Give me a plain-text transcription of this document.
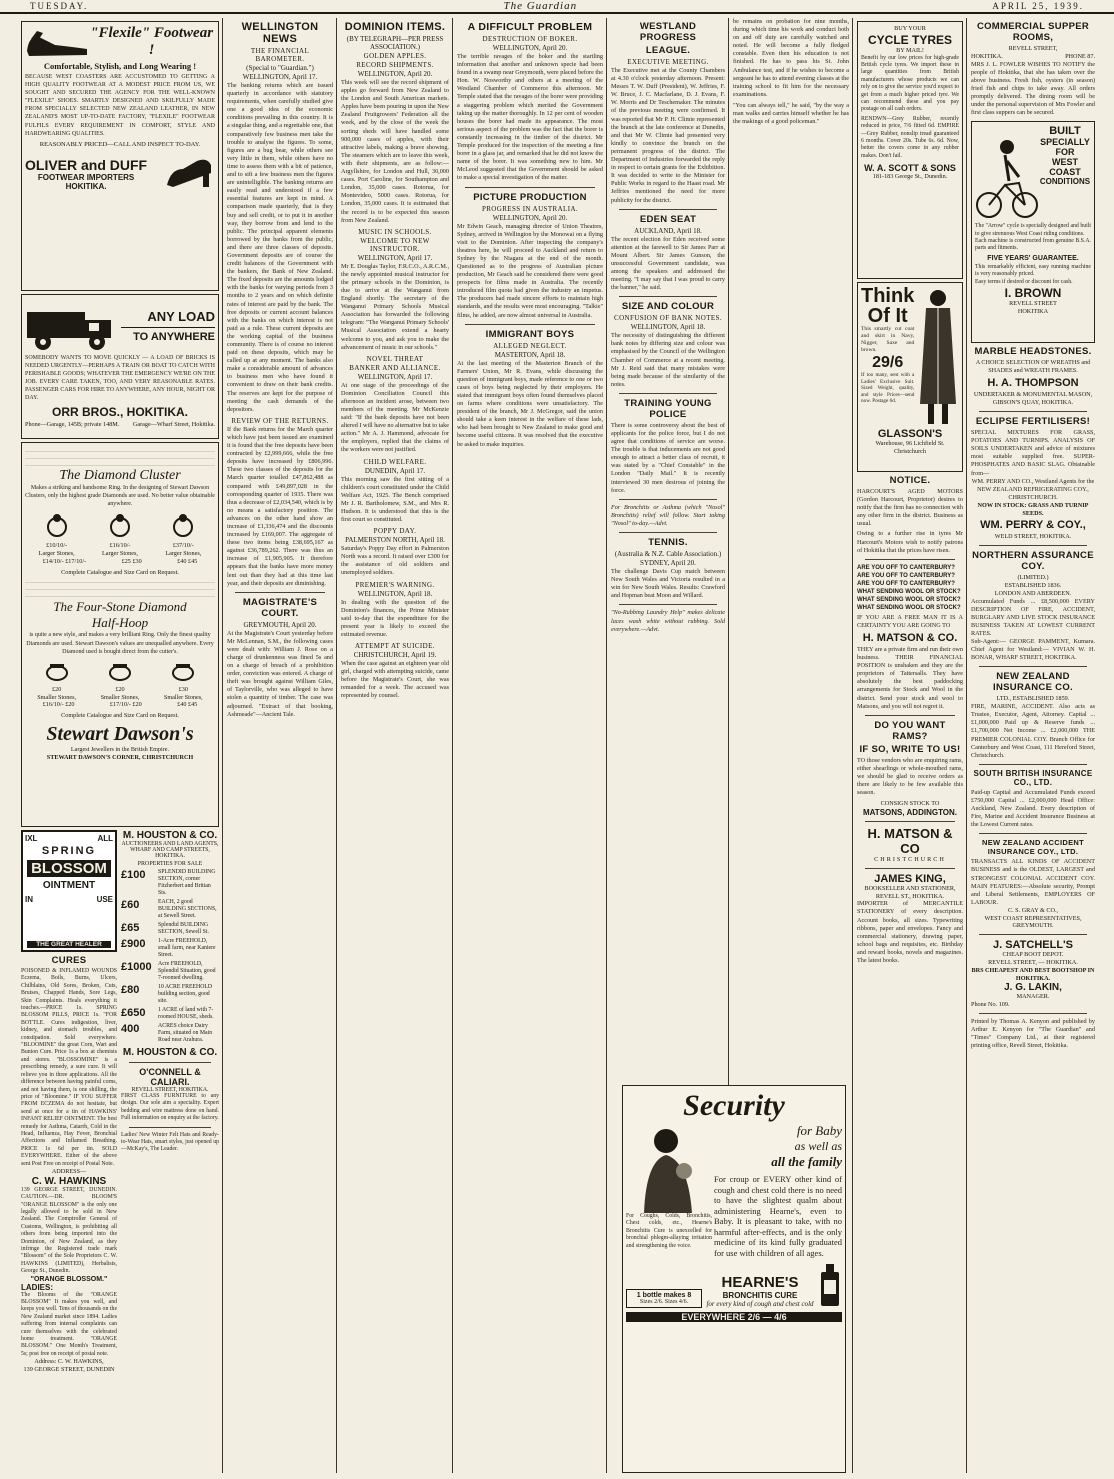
TUESDAY.	The Guardian	APRIL 25, 1939.
"Flexile" Footwear !
Comfortable, Stylish, and Long Wearing !

BECAUSE WEST COASTERS ARE ACCUSTOMED TO GETTING A HIGH QUALITY FOOTWEAR AT A MODEST PRICE FROM US, WE SOUGHT AND SECURED THE AGENCY FOR THE WELL-KNOWN "FLEXILE" SHOES. SMARTLY DESIGNED AND SKILFULLY MADE FROM SPECIALLY SELECTED NEW ZEALAND LEATHER, IN NEW ZEALAND'S MOST UP-TO-DATE FACTORY, "FLEXILE" FOOTWEAR FULFILS EVERY REQUIREMENT IN COMFORT, STYLE AND HARDWEARING QUALITIES.

REASONABLY PRICED—CALL AND INSPECT TO-DAY.
OLIVER and DUFF
FOOTWEAR IMPORTERS
HOKITIKA.
ANY LOAD
TO ANYWHERE

SOMEBODY WANTS TO MOVE QUICKLY — A LOAD OF BRICKS IS NEEDED URGENTLY—PERHAPS A TRAIN OR BOAT TO CATCH WITH PERISHABLE GOODS; WHATEVER THE EMERGENCY WE'RE ON THE JOB. EVERY CARE TAKEN, TOO, AND VERY REASONABLE RATES. PASSENGER CARS FOR HIRE TO ANYWHERE, ANY HOUR, NIGHT OR DAY.

ORR BROS., HOKITIKA.
Phone—Garage, 145B; private 148M. Garage—Wharf Street, Hokitika.
The Diamond Cluster

Makes a striking and handsome Ring. In the designing of Stewart Dawson Clusters, only the highest grade Diamonds are used. No better value obtainable anywhere.

£10/10/-	£16/10/-	£37/10/-
Larger Stones,	Larger Stones,	Larger Stones,
£14/10/- £17/10/-	£25 £30	£40 £45
Complete Catalogue and Size Card on Request.
The Four-Stone Diamond
Half-Hoop

is quite a new style, and makes a very brilliant Ring. Only the finest quality Diamonds are used. Stewart Dawson's values are unequalled anywhere. Every Diamond used is bought direct from the cutter's.

£20	£20	£30
Smaller Stones,	Smaller Stones,	Smaller Stones,
£16/10/- £20	£17/10/- £20	£40 £45
Complete Catalogue and Size Card on Request.
Stewart Dawson's
Largest Jewellers in the British Empire.
STEWART DAWSON'S CORNER, CHRISTCHURCH
IXL	ALL
SPRING
BLOSSOM
OINTMENT
IN	USE
THE GREAT HEALER
CURES

POISONED & INFLAMED WOUNDS Eczema, Boils, Burns, Ulcers, Chilblains, Old Sores, Broken, Cuts, Bruises, Chapped Hands, Sore Legs, Skin Complaints. Heals everything it touches.—PRICE 1s. SPRING BLOSSOM PILLS, PRICE 1s. "FOR BOTTLE. Cures indigestion, liver, kidney, and stomach troubles, and constipation. Sold everywhere. "BLOOMINE" the great Corn, Wart and Bunion Cure. Price 1s a box at chemists and stores. "BLOSSOMINE" is a prescribing remedy, a sure cure. It will relieve you in three applications. All the difference between having painful corns, and not having them, is one shilling, the price of "Bloomine." IF YOU SUFFER FROM ECZEMA do not hesitate, but send at once for a tin of HAWKINS' INFANT RELIEF OINTMENT. The best remedy for Asthma, Catarrh, Cold in the Head, Influenza, Hay Fever, Bronchial Affections and Inflamed Breathing. PRICE 1s 6d per tin. SOLD EVERYWHERE. Either of the above sent Post Free on receipt of Postal Note.

ADDRESS—
C. W. HAWKINS

139 GEORGE STREET, DUNEDIN. CAUTION.—DR. BLOOM'S "ORANGE BLOSSOM" is the only one legally allowed to be sold in New Zealand. The Comptroller General of Customs, Wellington, is prohibiting all others from being imported into the Dominion, of New Zealand, as they infringe the Registered trade mark "Blossom" of the Sole Proprietors C. W. HAWKINS (LIMITED), Herbalists, George St., Dunedin.

"ORANGE BLOSSOM."
LADIES:

The Blooms of the "ORANGE BLOSSOM" It makes you well, and keeps you well. Tens of thousands on the New Zealand market since 1894. Ladies suffering from internal complaints can cure themselves with the celebrated home treatment. "ORANGE BLOSSOM." One Month's Treatment, 5s; post free on receipt of postal note.

Address: C. W. HAWKINS,
139 GEORGE STREET, DUNEDIN
M. HOUSTON & CO.
AUCTIONEERS AND LAND AGENTS,
WHARF AND CAMP STREETS,
HOKITIKA.
PROPERTIES FOR SALE
£100	SPLENDID BUILDING SECTION, corner Fitzherbert and Brittan Sts.
£60	EACH, 2 good BUILDING SECTIONS, at Sewell Street.
£65	Splendid BUILDING SECTION, Sewell St.
£900	1-Acre FREEHOLD, small farm, near Kaniere Street.
£1000	Acre FREEHOLD, Splendid Situation, good 7-roomed dwelling.
£80	10 ACRE FREEHOLD building section, good site.
£650	1 ACRE of land with 7-roomed HOUSE, sheds.
400	ACRES choice Dairy Farm, situated on Main Road near Arahura.
M. HOUSTON & CO.
O'CONNELL & CALIARI.
REVELL STREET, HOKITIKA.

FIRST CLASS FURNITURE to any design. Our sole aim a speciality. Expert bedding and wire mattress done on hand. Full information on enquiry at the factory.

Ladies' New Winter Felt Hats and Ready-to-Wear Hats, smart styles, just opened up—McKay's, The Leader.

WELLINGTON NEWS
THE FINANCIAL BAROMETER.
(Special to "Guardian.")
WELLINGTON, April 17.

The banking returns which are issued quarterly in accordance with statutory requirements, when carefully studied give one a good idea of the economic conditions prevailing in this country. It is a singular thing, and a regrettable one, that comparatively few business men take the trouble to analyse the figures. To some, figures are a bug bear, while others see very little in them, while others have no time to assess them with a bit of patience, and to sift a few business men the figures are unintelligible. The banking returns are easily read and understood if a few essential features are kept in mind. A comparison made quarterly, that is they buy and sell credit, or to put it in another way, they borrow from and lend to the public. The principal apparent elements borrowed by the banks from the public, and there are three classes of deposits. Government deposits are of course the credit balances of the Government with the bankers, the Bank of New Zealand. The fixed deposits are the amounts lodged with the banks for varying periods from 3 months to 2 years and on which definite rates of interest are paid by the bank. The free deposits or current account balances with the banks on which interest is not paid as a rule. These current deposits are the working capital of the business community. There is of course no interest paid on these deposits, which may be called up at any moment. The banks also make a considerable amount of advances to business men who have found it convenient to draw on their bank credits. The reserves are kept for the purpose of meeting the cash demands of the depositors.

REVIEW OF THE RETURNS.

If the Bank returns for the March quarter which have just been issued are examined it is found that the free deposits have been contracted by £2,999,666, while the free deposits have increased by £806,996. These two classes of the deposits for the March quarter totalled £47,862,488 as compared with £49,897,028 in the corresponding quarter of 1935. There was thus a decrease of £2,034,540, which is by no means a satisfactory position. The advances on the other hand show an increase of £1,336,474 and the discounts increased by £169,007. The aggregate of these two items being £38,695,167 as against £36,789,262. There was thus an increase of £1,905,905. It therefore appears that the banks have more money lent out than they had at this time last year, and their deposits are diminishing.

MAGISTRATE'S COURT.
GREYMOUTH, April 20.

At the Magistrate's Court yesterday before Mr McLennan, S.M., the following cases were dealt with: William J. Rose on a charge of drunkenness was fined 5s and on a charge of breach of a prohibition order, conviction was entered. A charge of theft was brought against William Giles, of Taylorville, who was alleged to have stolen a quantity of timber. The case was adjourned. "Extract of that booking, Ashmeade"—Ancient Tale.

DOMINION ITEMS.
(BY TELEGRAPH—PER PRESS ASSOCIATION.)
GOLDEN APPLES.
RECORD SHIPMENTS.
WELLINGTON, April 20.

This week will see the record shipment of apples go forward from New Zealand to the London and South American markets. Apples have been pouring in upon the New Zealand Fruitgrowers' Federation all the week, and by the close of the week the sorting sheds will have handled some 900,000 cases of apples, with their attractive labels, making a brave showing. The steamers which are to leave this week, with their shipments, are as follow:—Argyllshire, for London and Hull, 30,000 cases. Port Caroline, for Southampton and London, 35,000 cases. Rotorua, for Montevideo, 5000 cases. Rotorua, for London, 35,000 cases. It is estimated that the record is to be expected this season from New Zealand.

MUSIC IN SCHOOLS.
WELCOME TO NEW INSTRUCTOR.
WELLINGTON, April 17.

Mr E. Douglas Taylor, F.R.C.O., A.R.C.M., the newly appointed musical instructor for the primary schools in the Dominion, is due to arrive at the Wanganui from England shortly. The secretary of the Wanganui Primary Schools Musical Association has forwarded the following telegram: "The Wanganui Primary Schools' Musical Association extend a hearty welcome to you, and ask you to make the advancement of music in our schools."

NOVEL THREAT
BANKER AND ALLIANCE.
WELLINGTON, April 17.

At one stage of the proceedings of the Dominion Conciliation Council this afternoon an incident arose, between two members of the meeting. Mr McKenzie said: "If the bank deposits have not been altered I will have no alternative but to take action." Mr A. J. Hammond, advocate for the employers, replied that the claims of the workers were not justified.

CHILD WELFARE.
DUNEDIN, April 17.

This morning saw the first sitting of a children's court constituted under the Child Welfare Act, 1925. The Bench comprised Mr J. R. Bartholomew, S.M., and Mrs R. Hudson. It is understood that this is the first court so constituted.

POPPY DAY.
PALMERSTON NORTH, April 18.

Saturday's Poppy Day effort in Palmerston North was a record. It raised over £300 for the assistance of old soldiers and unemployed soldiers.

PREMIER'S WARNING.
WELLINGTON, April 18.

In dealing with the question of the Dominion's finances, the Prime Minister said to-day that the expenditure for the present year is likely to exceed the estimated revenue.

ATTEMPT AT SUICIDE.
CHRISTCHURCH, April 19.

When the case against an eighteen year old girl, charged with attempting suicide, came before the Magistrate's Court, she was remanded for a week. The accused was represented by counsel.

A DIFFICULT PROBLEM
DESTRUCTION OF BOKER.
WELLINGTON, April 20.

The terrible ravages of the boker and the startling information that another and unknown specie had been found in a swamp near Greymouth, were placed before the Hon. W. Nosworthy and others at a meeting of the Westland Chamber of Commerce this afternoon. Mr Temple stated that the ravages of the borer were providing a staggering problem which merited the Government taking up the matter thoroughly. In 12 per cent of wooden houses the borer had made its appearance. The most serious aspect of the problem was the fact that the borer is constantly increasing in the timber of the district. Mr Temple produced for the inspection of the meeting a fine borer in a glass jar, and remarked that he did not know the name of the borer. It was something new to him. Mr McLeod suggested that the Government should be asked to make a special investigation of the matter.

PICTURE PRODUCTION
PROGRESS IN AUSTRALIA.
WELLINGTON, April 20.

Mr Edwin Geach, managing director of Union Theatres, Sydney, arrived in Wellington by the Monowai on a flying visit to the Dominion. After inspecting the company's theatres here, he will proceed to Auckland and return to Sydney by the Niagara at the end of the month. Questioned as to the progress of Australian picture production, Mr Geach said he considered there were good prospects for films made in Australia. The recently introduced film quota had given the industry an impetus. The producers had made sincere efforts to maintain high standards, and the results were most encouraging. "Talkie" films, he added, are now almost universal in Australia.

IMMIGRANT BOYS
ALLEGED NEGLECT.
MASTERTON, April 18.

At the last meeting of the Masterton Branch of the Farmers' Union, Mr R. Evans, while discussing the question of immigrant boys, made reference to one or two cases of boys being neglected by their employers. He stated that immigrant boys often found themselves placed on farms where conditions were unsatisfactory. The president of the branch, Mr J. McGregor, said the union should take a keen interest in the welfare of these lads, who had been brought to New Zealand to make good and become useful citizens. It was resolved that the executive be asked to make inquiries.

WESTLAND PROGRESS
LEAGUE.
EXECUTIVE MEETING.

The Executive met at the County Chambers at 4.30 o'clock yesterday afternoon. Present: Messrs T. W. Duff (President), W. Jeffries, F. W. Bruce, J. C. Macfarlane, D. J. Evans, F. W. Morris and Dr Teschemaker. The minutes of the previous meeting were confirmed. It was reported that Mr P. H. Climie represented the branch at the late conference at Dunedin, and that Mr W. Climie had presented very kindly to convince the branch on the permanent progress of the district. The Department of Industries forwarded the reply in respect to certain grants for the Exhibition. It was decided to write to the Minister for Public Works in regard to the Haast road. Mr Jeffries mentioned the need for more publicity for the district.

EDEN SEAT
AUCKLAND, April 18.

The recent election for Eden received some attention at the farewell to Sir James Parr at Mount Albert. Sir James Gunson, the unsuccessful Government candidate, was among the speakers and addressed the meeting. "I may say that I was proud to carry the banner," he said.

SIZE AND COLOUR
CONFUSION OF BANK NOTES.
WELLINGTON, April 18.

The necessity of distinguishing the different bank notes by differing size and colour was emphasised by the Council of the Wellington Chamber of Commerce at a recent meeting. Mr J. Reid said that many mistakes were being made because of the similarity of the notes.

TRAINING YOUNG POLICE

There is some controversy about the best of applicants for the police force, but I do not agree that conditions of service are worse. The trouble is that inducements are not good enough to attract a better class of recruit, it was stated by a "Chief Constable" in the London "Daily Mail." It is recently interviewed 30 men desirous of joining the force.

For Bronchitis or Asthma (which "Nosol" Bronchitis) relief will follow. Start taking "Nosol" to-day.—Advt.

TENNIS.
(Australia & N.Z. Cable Association.)
SYDNEY, April 20.

The challenge Davis Cup match between New South Wales and Victoria resulted in a win for New South Wales. Results: Crawford and Hopman beat Moon and Willard.

"No-Rubbing Laundry Help" makes delicate laces wash white without rubbing. Sold everywhere.—Advt.

be remains on probation for nine months, during which time his work and conduct both on and off duty are carefully watched and noted. He will become a fully fledged constable. Even then his education is not finished. He has to pass his St. John Ambulance test, and if he wishes to become a sergeant he has to attend evening classes at the training school to fit him for the necessary examinations.

"You can always tell," he said, "by the way a man walks and carries himself whether he has the makings of a good policeman."

Security

For Coughs, Colds, Bronchitis, Chest colds, etc., Hearne's Bronchitis Cure is unexcelled for bronchial phlegm-allaying irritation and strengthening the voice.

for Baby
as well as
all the family

For croup or EVERY other kind of cough and chest cold there is no need to have the slightest qualm about administering Hearne's, even to Baby. It is pleasant to take, with no harmful after-effects, and is the only medicine of its kind fully graduated for use with children of all ages.

1 bottle makes 8
Sizes 2/6. Sizes 4/6.
HEARNE'S
BRONCHITIS CURE
for every kind of cough and chest cold
EVERYWHERE 2/6 — 4/6
BUY YOUR
CYCLE TYRES
BY MAIL!

Benefit by our low prices for high-grade British cycle tyres. We import these in large quantities from British manufacturers whose products we can rely on to give the service you'd expect to get from a much higher priced tyre. We can recommend these and you pay postage on all cash orders.

RENDWN—Grey Rubber, recently reduced in price, 7/6 fitted 6d. EMPIRE—Grey Rubber, nonslip tread guaranteed 6 months. Cover 20s. Tube 6s. 6d. Now, better the covers come in any rubber makes. Don't fail.

W. A. SCOTT & SONS
181-183 George St., Dunedin.
Think
Of It

This smartly cut coat and skirt in Navy, Nigger, Saxe and brown.

29/6

If too many, sent with a Ladies' Exclusive Suit. Sized Weight, quality, and style Prices—send now. Postage 6d.

GLASSON'S
Warehouse, 96 Lichfield St.
Christchurch
NOTICE.

HARCOURT'S AGED MOTORS (Gordon Harcourt, Proprietor) desires to notify that the firm has no connection with any other firm in the district. Business as usual.

Owing to a further rise in tyres Mr Harcourt's Motors wish to notify patrons of Hokitika that the prices have risen.

ARE YOU OFF TO CANTERBURY?
ARE YOU OFF TO CANTERBURY?
ARE YOU OFF TO CANTERBURY?
WHAT SENDING WOOL OR STOCK?
WHAT SENDING WOOL OR STOCK?
WHAT SENDING WOOL OR STOCK?

IF YOU ARE A FREE MAN IT IS A CERTAINTY YOU ARE GOING TO

H. MATSON & CO.

THEY are a private firm and run their own business. THEIR FINANCIAL POSITION is unshaken and they are the proprietors of Tattersalls. They have absolutely the best paddocking arrangements for Stock and Wool in the district. Send your stock and wool to Matsons, and you will not regret it.

DO YOU WANT RAMS?
IF SO, WRITE TO US!

TO those vendors who are enquiring rams, either shearlings or whole-mouthed rams, we should be glad to receive orders as there are likely to be few available this season.

CONSIGN STOCK TO
MATSONS, ADDINGTON.
H. MATSON & CO
CHRISTCHURCH
JAMES KING,
BOOKSELLER AND STATIONER,
REVELL ST., HOKITIKA.

IMPORTER of MERCANTILE STATIONERY of every description. Account books, all sizes. Typewriting ribbons, paper and envelopes. Fancy and commercial stationery, drawing paper, school bags and requisites, etc. Birthday and reward books, novels and magazines. The latest books.

COMMERCIAL SUPPER ROOMS,
REVELL STREET,
HOKITIKA.	PHONE 87.

MRS J. L. FOWLER WISHES TO NOTIFY the people of Hokitika, that she has taken over the above business. Fresh fish, oysters (in season) fried fish and chips to take away. All orders promptly delivered. The dining room will be under the personal supervision of Mrs Fowler and first class suppers can be secured.

BUILT
SPECIALLY
FOR
WEST
COAST
CONDITIONS

The "Arrow" cycle is specially designed and built to give strenuous West Coast riding conditions.

Each machine is constructed from genuine B.S.A. parts and fitments.

FIVE YEARS' GUARANTEE.

This remarkably efficient, easy running machine is very reasonably priced.

Easy terms if desired or discount for cash.

I. BROWN
REVELL STREET
HOKITIKA
MARBLE HEADSTONES.

A CHOICE SELECTION OF WREATHS and SHADES and WREATH FRAMES.

H. A. THOMPSON
UNDERTAKER & MONUMENTAL MASON,
GIBSON'S QUAY, HOKITIKA.
ECLIPSE FERTILISERS!

SPECIAL MIXTURES FOR GRASS, POTATOES AND TURNIPS. ANALYSIS OF SOILS UNDERTAKEN and advice of mixtures most suitable supplied free. SUPER-PHOSPHATES AND BASIC SLAG. Obtainable from—

WM. PERRY AND CO., Westland Agents for the NEW ZEALAND REFRIGERATING COY., CHRISTCHURCH.

NOW IN STOCK: GRASS AND TURNIP SEEDS.
WM. PERRY & COY.,
WELD STREET, HOKITIKA.
NORTHERN ASSURANCE COY.
(LIMITED.)
ESTABLISHED 1836.
LONDON AND ABERDEEN.

Accumulated Funds ... £8,500,000 EVERY DESCRIPTION OF FIRE, ACCIDENT, BURGLARY AND LIVE STOCK INSURANCE BUSINESS TAKEN AT LOWEST CURRENT RATES.

Sub-Agent:— GEORGE PAMMENT, Kumara. Chief Agent for Westland:— VIVIAN W. H. BONAR, WHARF STREET, HOKITIKA.

NEW ZEALAND INSURANCE CO.
LTD., ESTABLISHED 1859.

FIRE, MARINE, ACCIDENT. Also acts as Trustee, Executor, Agent, Attorney. Capital ... £1,000,000 Paid up & Reserve funds ... £1,700,000 Net Income ... £2,000,000 THE PREMIER COLONIAL COY. Branch Office for Canterbury and West Coast, 111 Hereford Street, Christchurch.

SOUTH BRITISH INSURANCE CO., LTD.

Paid-up Capital and Accumulated Funds exceed £750,000 Capital ... £2,000,000 Head Office: Auckland, New Zealand. Every description of Fire, Marine and Accident Insurance Business at the Lowest Current rates.

NEW ZEALAND ACCIDENT INSURANCE COY., LTD.

TRANSACTS ALL KINDS OF ACCIDENT BUSINESS and is the OLDEST, LARGEST and STRONGEST COLONIAL ACCIDENT COY. MAIN FEATURES:—Absolute security, Prompt and Liberal Settlements, EMPLOYERS OF LABOUR.

C. S. GRAY & CO.,
WEST COAST REPRESENTATIVES,
GREYMOUTH.
J. SATCHELL'S
CHEAP BOOT DEPOT.
REVELL STREET, — HOKITIKA.
BRS CHEAPEST AND BEST BOOTSHOP IN HOKITIKA.
J. G. LAKIN,
MANAGER.
Phone No. 109.

Printed by Thomas A. Kenyon and published by Arthur E. Kenyon for "The Guardian" and "Times" Company Ltd., at their registered printing office, Revell Street, Hokitika.
